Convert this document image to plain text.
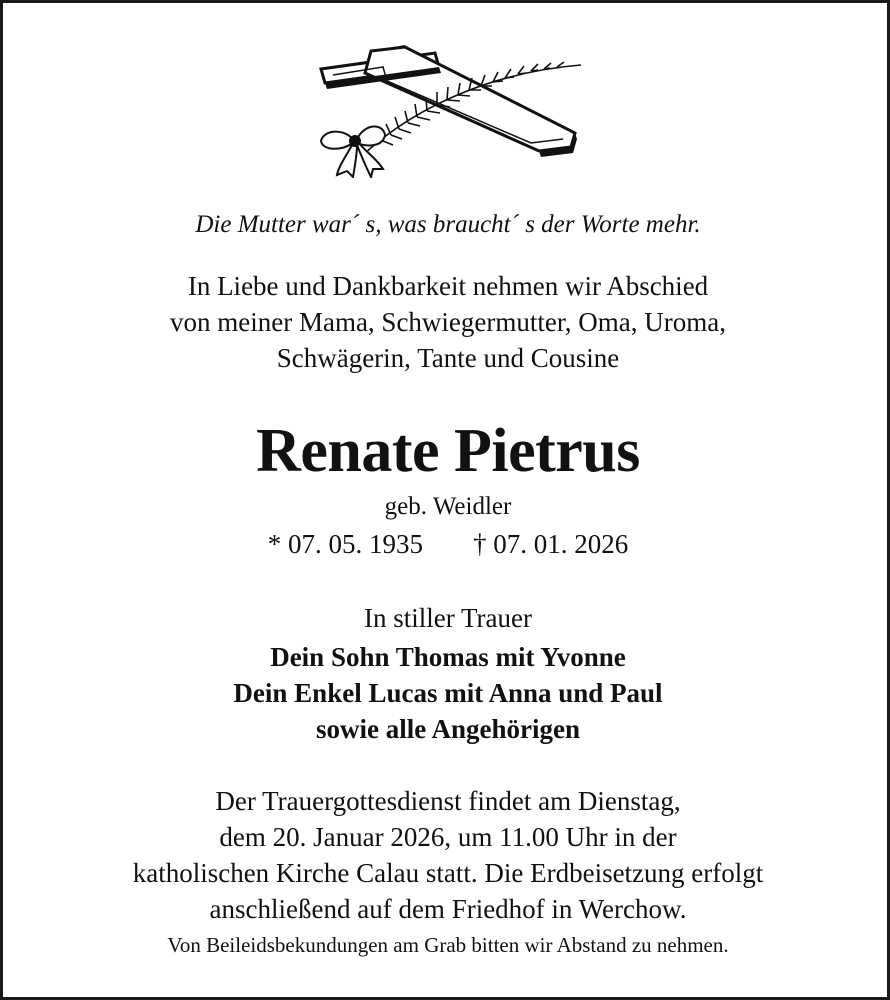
Die Mutter war´ s, was braucht´ s der Worte mehr.
In Liebe und Dankbarkeit nehmen wir Abschied
von meiner Mama, Schwiegermutter, Oma, Uroma,
Schwägerin, Tante und Cousine
Renate Pietrus
geb. Weidler
* 07. 05. 1935 † 07. 01. 2026
In stiller Trauer
Dein Sohn Thomas mit Yvonne
Dein Enkel Lucas mit Anna und Paul
sowie alle Angehörigen
Der Trauergottesdienst findet am Dienstag,
dem 20. Januar 2026, um 11.00 Uhr in der
katholischen Kirche Calau statt. Die Erdbeisetzung erfolgt
anschließend auf dem Friedhof in Werchow.
Von Beileidsbekundungen am Grab bitten wir Abstand zu nehmen.
